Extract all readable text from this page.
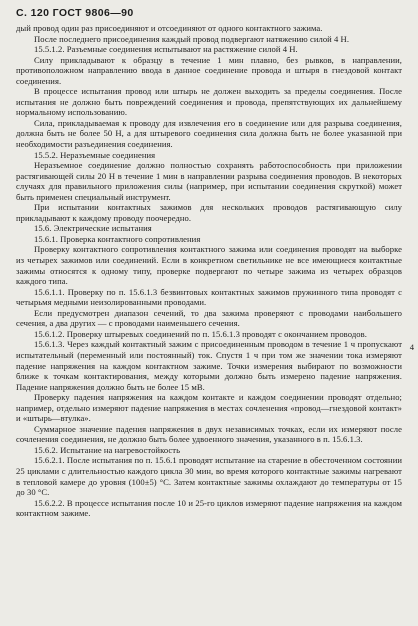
С. 120 ГОСТ 9806—90

дый провод один раз присоединяют и отсоединяют от одного контактного зажима.

После последнего присоединения каждый провод подвергают натяжению силой 4 Н.

15.5.1.2. Разъемные соединения испытывают на растяжение силой 4 Н.

Силу прикладывают к образцу в течение 1 мин плавно, без рывков, в направлении, противоположном направлению ввода в данное соединение провода и штыря в гнездовой контакт соединения.

В процессе испытания провод или штырь не должен выходить за пределы соединения. После испытания не должно быть повреждений соединения и провода, препятствующих их дальнейшему нормальному использованию.

Сила, прикладываемая к проводу для извлечения его в соединение или для разрыва соединения, должна быть не более 50 Н, а для штыревого соединения сила должна быть не более указанной при необходимости разъединения соединения.

15.5.2. Неразъемные соединения

Неразъемное соединение должно полностью сохранять работоспособность при приложении растягивающей силы 20 Н в течение 1 мин в направлении разрыва соединения проводов. В некоторых случаях для правильного приложения силы (например, при испытании соединения скруткой) может быть применен специальный инструмент.

При испытании контактных зажимов для нескольких проводов растягивающую силу прикладывают к каждому проводу поочередно.

15.6. Электрические испытания

15.6.1. Проверка контактного сопротивления

Проверку контактного сопротивления контактного зажима или соединения проводят на выборке из четырех зажимов или соединений. Если в конкретном светильнике не все имеющиеся контактные зажимы относятся к одному типу, проверке подвергают по четыре зажима из четырех образцов каждого типа.

15.6.1.1. Проверку по п. 15.6.1.3 безвинтовых контактных зажимов пружинного типа проводят с четырьмя медными неизолированными проводами.

Если предусмотрен диапазон сечений, то два зажима проверяют с проводами наибольшего сечения, а два других — с проводами наименьшего сечения.

15.6.1.2. Проверку штыревых соединений по п. 15.6.1.3 проводят с окончанием проводов.

15.6.1.3. Через каждый контактный зажим с присоединенным проводом в течение 1 ч пропускают испытательный (переменный или постоянный) ток. Спустя 1 ч при том же значении тока измеряют падение напряжения на каждом контактном зажиме. Точки измерения выбирают по возможности ближе к точкам контактирования, между которыми должно быть измерено падение напряжения. Падение напряжения должно быть не более 15 мВ.

Проверку падения напряжения на каждом контакте и каждом соединении проводят отдельно; например, отдельно измеряют падение напряжения в местах сочленения «провод—гнездовой контакт» и «штырь—втулка».

Суммарное значение падения напряжения в двух независимых точках, если их измеряют после сочленения соединения, не должно быть более удвоенного значения, указанного в п. 15.6.1.3.

15.6.2. Испытание на нагревостойкость

15.6.2.1. После испытания по п. 15.6.1 проводят испытание на старение в обесточенном состоянии 25 циклами с длительностью каждого цикла 30 мин, во время которого контактные зажимы нагревают в тепловой камере до уровня (100±5) °С. Затем контактные зажимы охлаждают до температуры от 15 до 30 °С.

15.6.2.2. В процессе испытания после 10 и 25-го циклов измеряют падение напряжения на каждом контактном зажиме.

4
